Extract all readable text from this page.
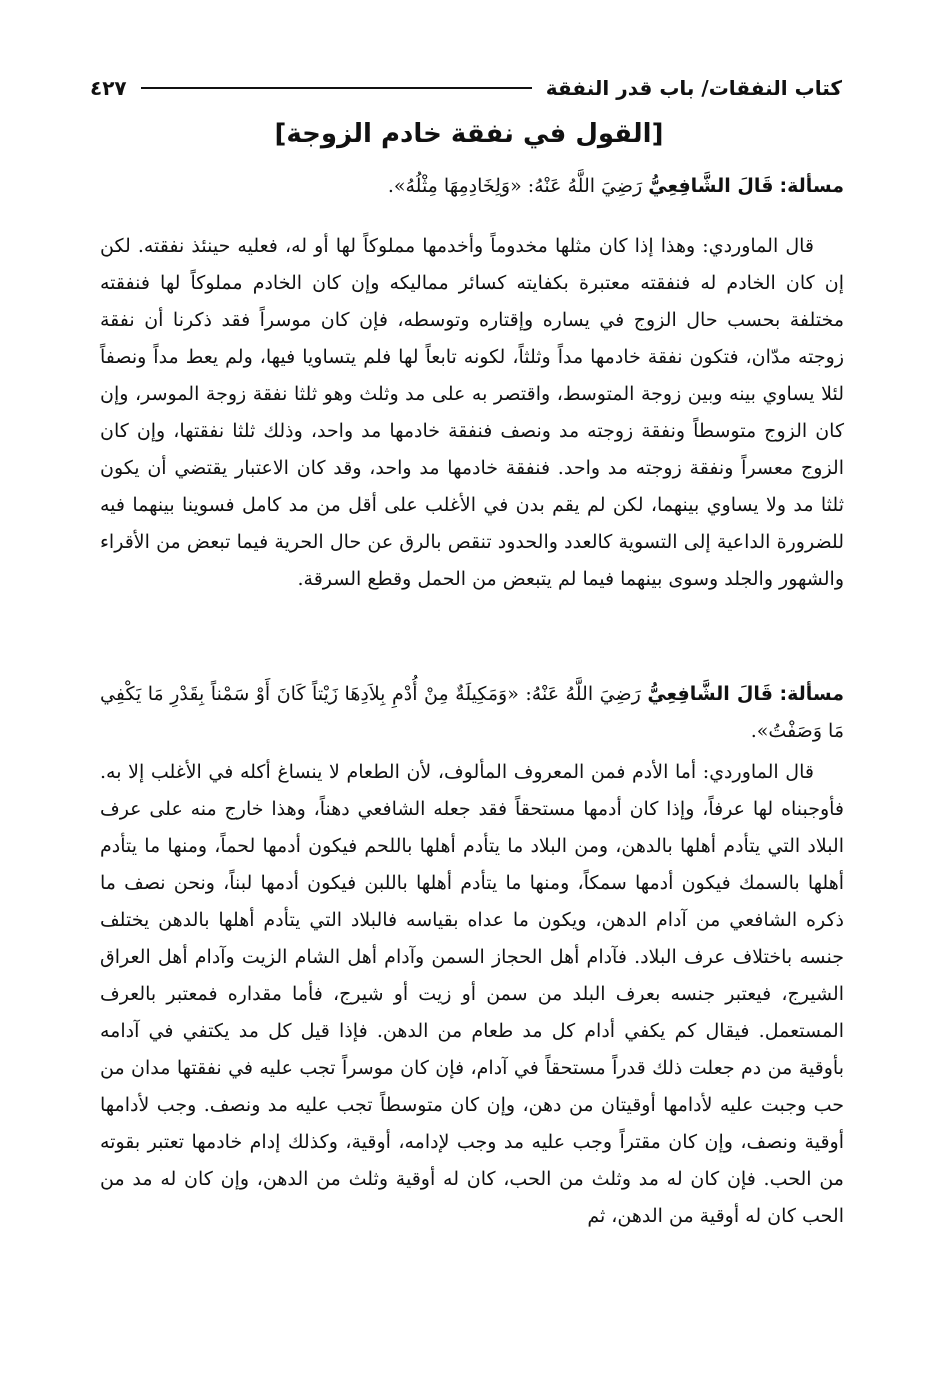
كتاب النفقات/ باب قدر النفقة
٤٢٧
[القول في نفقة خادم الزوجة]
مسألة: قَالَ الشَّافِعِيُّ رَضِيَ اللَّهُ عَنْهُ: «وَلِخَادِمِهَا مِثْلُهُ».
قال الماوردي: وهذا إذا كان مثلها مخدوماً وأخدمها مملوكاً لها أو له، فعليه حينئذ نفقته. لكن إن كان الخادم له فنفقته معتبرة بكفايته كسائر مماليكه وإن كان الخادم مملوكاً لها فنفقته مختلفة بحسب حال الزوج في يساره وإقتاره وتوسطه، فإن كان موسراً فقد ذكرنا أن نفقة زوجته مدّان، فتكون نفقة خادمها مداً وثلثاً، لكونه تابعاً لها فلم يتساويا فيها، ولم يعط مداً ونصفاً لئلا يساوي بينه وبين زوجة المتوسط، واقتصر به على مد وثلث وهو ثلثا نفقة زوجة الموسر، وإن كان الزوج متوسطاً ونفقة زوجته مد ونصف فنفقة خادمها مد واحد، وذلك ثلثا نفقتها، وإن كان الزوج معسراً ونفقة زوجته مد واحد. فنفقة خادمها مد واحد، وقد كان الاعتبار يقتضي أن يكون ثلثا مد ولا يساوي بينهما، لكن لم يقم بدن في الأغلب على أقل من مد كامل فسوينا بينهما فيه للضرورة الداعية إلى التسوية كالعدد والحدود تنقص بالرق عن حال الحرية فيما تبعض من الأقراء والشهور والجلد وسوى بينهما فيما لم يتبعض من الحمل وقطع السرقة.
مسألة: قَالَ الشَّافِعِيُّ رَضِيَ اللَّهُ عَنْهُ: «وَمَكِيلَةٌ مِنْ أُدْمِ بِلاَدِهَا زَيْتاً كَانَ أَوْ سَمْناً بِقَدْرِ مَا يَكْفِي مَا وَصَفْتُ».
قال الماوردي: أما الأدم فمن المعروف المألوف، لأن الطعام لا ينساغ أكله في الأغلب إلا به. فأوجبناه لها عرفاً، وإذا كان أدمها مستحقاً فقد جعله الشافعي دهناً، وهذا خارج منه على عرف البلاد التي يتأدم أهلها بالدهن، ومن البلاد ما يتأدم أهلها باللحم فيكون أدمها لحماً، ومنها ما يتأدم أهلها بالسمك فيكون أدمها سمكاً، ومنها ما يتأدم أهلها باللبن فيكون أدمها لبناً، ونحن نصف ما ذكره الشافعي من آدام الدهن، ويكون ما عداه بقياسه فالبلاد التي يتأدم أهلها بالدهن يختلف جنسه باختلاف عرف البلاد. فآدام أهل الحجاز السمن وآدام أهل الشام الزيت وآدام أهل العراق الشيرج، فيعتبر جنسه بعرف البلد من سمن أو زيت أو شيرج، فأما مقداره فمعتبر بالعرف المستعمل. فيقال كم يكفي أدام كل مد طعام من الدهن. فإذا قيل كل مد يكتفي في آدامه بأوقية من دم جعلت ذلك قدراً مستحقاً في آدام، فإن كان موسراً تجب عليه في نفقتها مدان من حب وجبت عليه لأدامها أوقيتان من دهن، وإن كان متوسطاً تجب عليه مد ونصف. وجب لأدامها أوقية ونصف، وإن كان مقتراً وجب عليه مد وجب لإدامه، أوقية، وكذلك إدام خادمها تعتبر بقوته من الحب. فإن كان له مد وثلث من الحب، كان له أوقية وثلث من الدهن، وإن كان له مد من الحب كان له أوقية من الدهن، ثم
